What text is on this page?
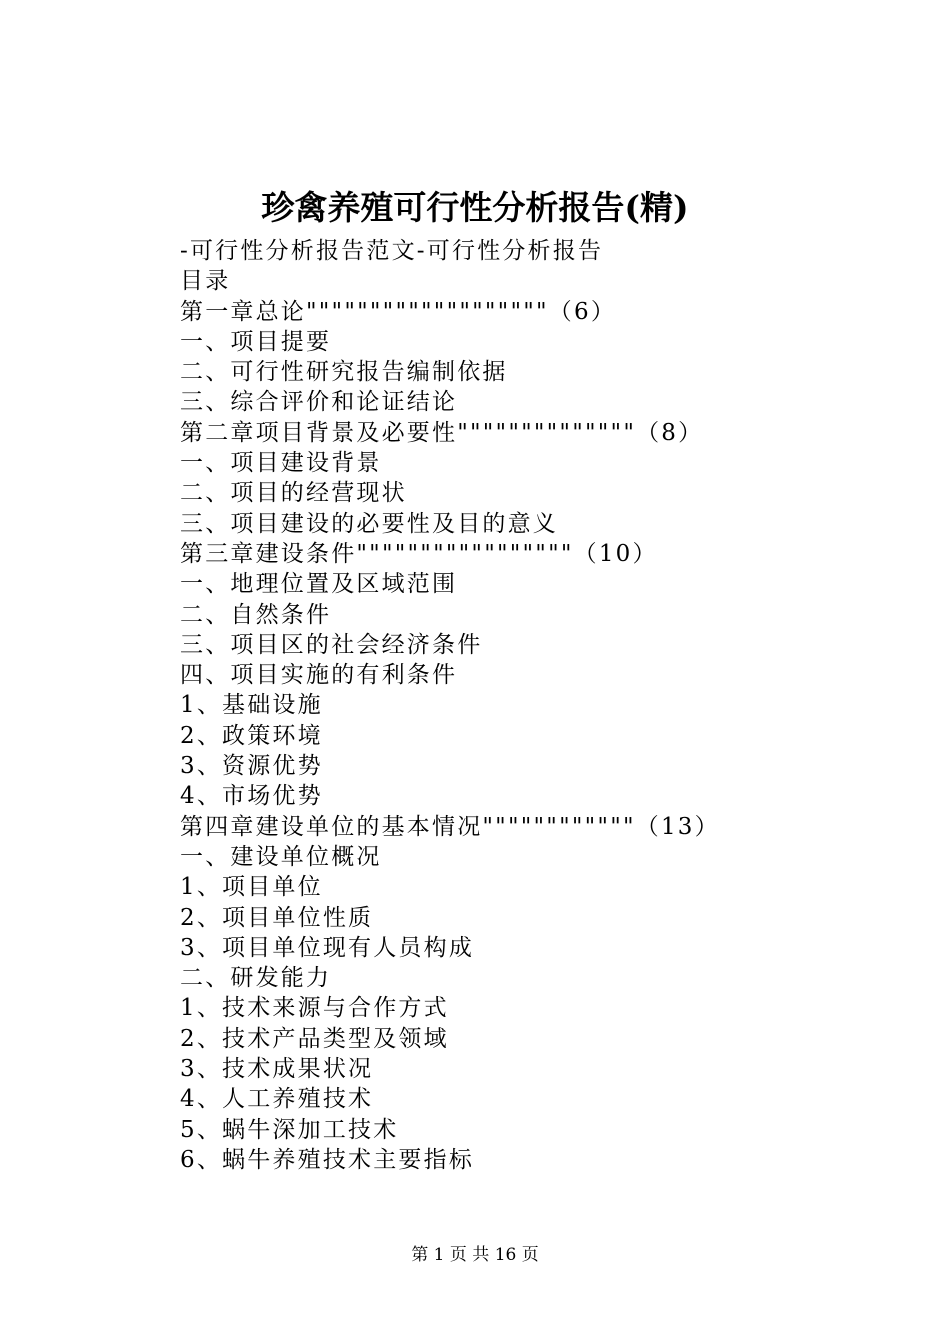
珍禽养殖可行性分析报告(精)
-可行性分析报告范文-可行性分析报告
目录
第一章总论"""""""""""""""""""（6）
一、项目提要
二、可行性研究报告编制依据
三、综合评价和论证结论
第二章项目背景及必要性""""""""""""""（8）
一、项目建设背景
二、项目的经营现状
三、项目建设的必要性及目的意义
第三章建设条件"""""""""""""""""（10）
一、地理位置及区域范围
二、自然条件
三、项目区的社会经济条件
四、项目实施的有利条件
1、基础设施
2、政策环境
3、资源优势
4、市场优势
第四章建设单位的基本情况""""""""""""（13）
一、建设单位概况
1、项目单位
2、项目单位性质
3、项目单位现有人员构成
二、研发能力
1、技术来源与合作方式
2、技术产品类型及领域
3、技术成果状况
4、人工养殖技术
5、蜗牛深加工技术
6、蜗牛养殖技术主要指标
第 1 页 共 16 页
